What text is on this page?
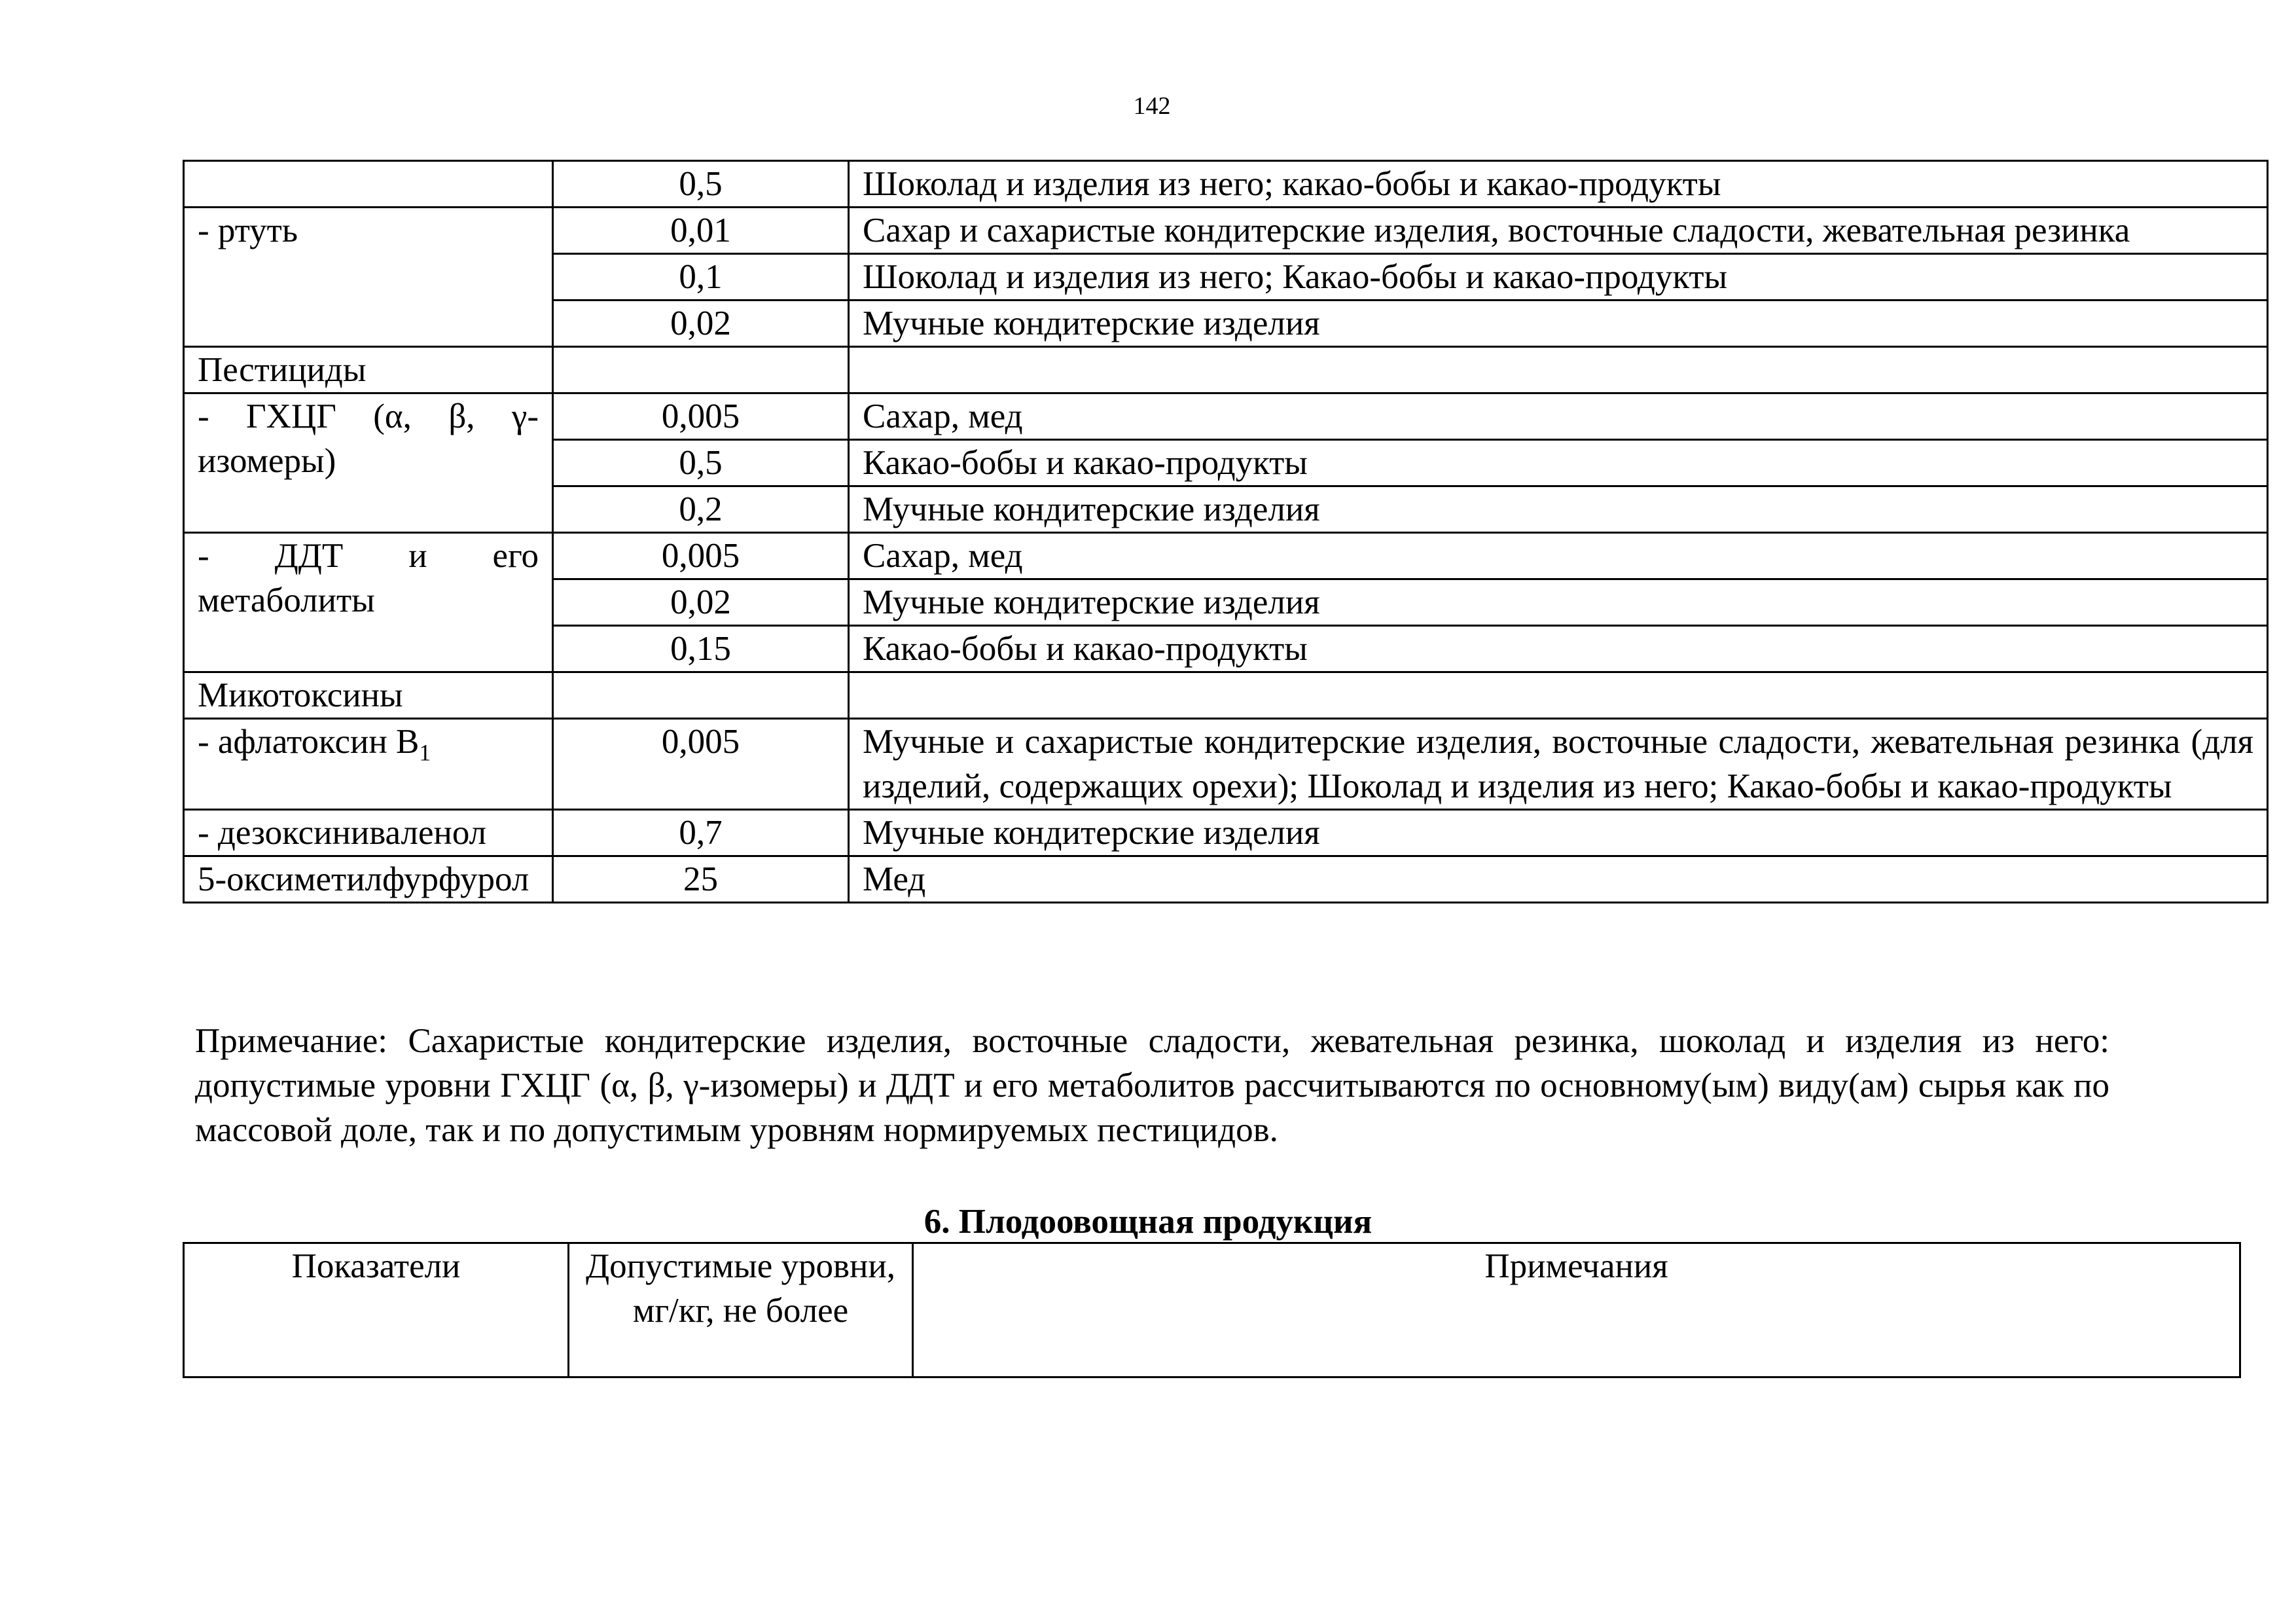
142
	0,5	Шоколад и изделия из него; какао-бобы и какао-продукты
- ртуть	0,01	Сахар и сахаристые кондитерские изделия, восточные сладости, жевательная резинка
	0,1	Шоколад и изделия из него; Какао-бобы и какао-продукты
	0,02	Мучные кондитерские изделия
Пестициды		
- ГХЦГ (α, β, γ-изомеры)	0,005	Сахар, мед
	0,5	Какао-бобы и какао-продукты
	0,2	Мучные кондитерские изделия
- ДДТ и его метаболиты	0,005	Сахар, мед
	0,02	Мучные кондитерские изделия
	0,15	Какао-бобы и какао-продукты
Микотоксины		
- афлатоксин $B_1$	0,005	Мучные и сахаристые кондитерские изделия, восточные сладости, жевательная резинка (для изделий, содержащих орехи); Шоколад и изделия из него; Какао-бобы и какао-продукты
- дезоксиниваленол	0,7	Мучные кондитерские изделия
5-оксиметилфурфурол	25	Мед
Примечание: Сахаристые кондитерские изделия, восточные сладости, жевательная резинка, шоколад и изделия из него: допустимые уровни ГХЦГ (α, β, γ-изомеры) и ДДТ и его метаболитов рассчитываются по основному(ым) виду(ам) сырья как по массовой доле, так и по допустимым уровням нормируемых пестицидов.
6. Плодоовощная продукция
Показатели	Допустимые уровни, мг/кг, не более	Примечания
